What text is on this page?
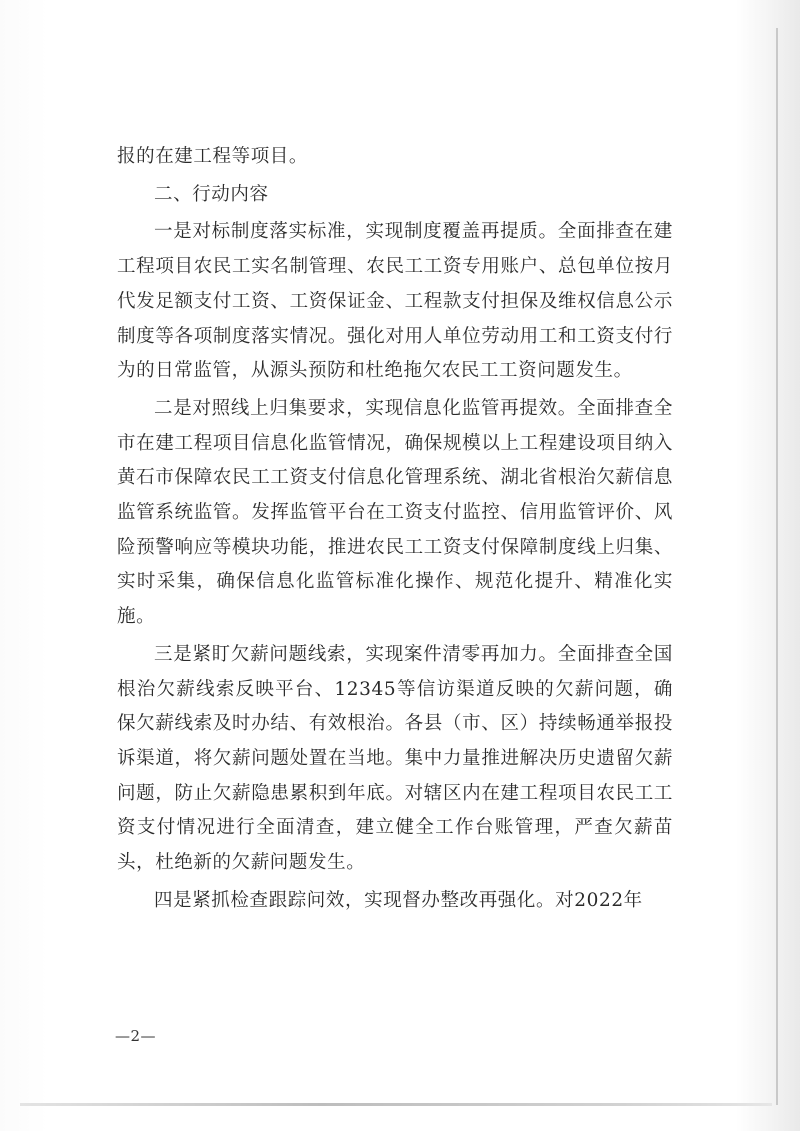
报的在建工程等项目。

二、行动内容

一是对标制度落实标准，实现制度覆盖再提质。全面排查在建工程项目农民工实名制管理、农民工工资专用账户、总包单位按月代发足额支付工资、工资保证金、工程款支付担保及维权信息公示制度等各项制度落实情况。强化对用人单位劳动用工和工资支付行为的日常监管，从源头预防和杜绝拖欠农民工工资问题发生。

二是对照线上归集要求，实现信息化监管再提效。全面排查全市在建工程项目信息化监管情况，确保规模以上工程建设项目纳入黄石市保障农民工工资支付信息化管理系统、湖北省根治欠薪信息监管系统监管。发挥监管平台在工资支付监控、信用监管评价、风险预警响应等模块功能，推进农民工工资支付保障制度线上归集、实时采集，确保信息化监管标准化操作、规范化提升、精准化实施。

三是紧盯欠薪问题线索，实现案件清零再加力。全面排查全国根治欠薪线索反映平台、12345等信访渠道反映的欠薪问题，确保欠薪线索及时办结、有效根治。各县（市、区）持续畅通举报投诉渠道，将欠薪问题处置在当地。集中力量推进解决历史遗留欠薪问题，防止欠薪隐患累积到年底。对辖区内在建工程项目农民工工资支付情况进行全面清查，建立健全工作台账管理，严查欠薪苗头，杜绝新的欠薪问题发生。

四是紧抓检查跟踪问效，实现督办整改再强化。对2022年

—2—
